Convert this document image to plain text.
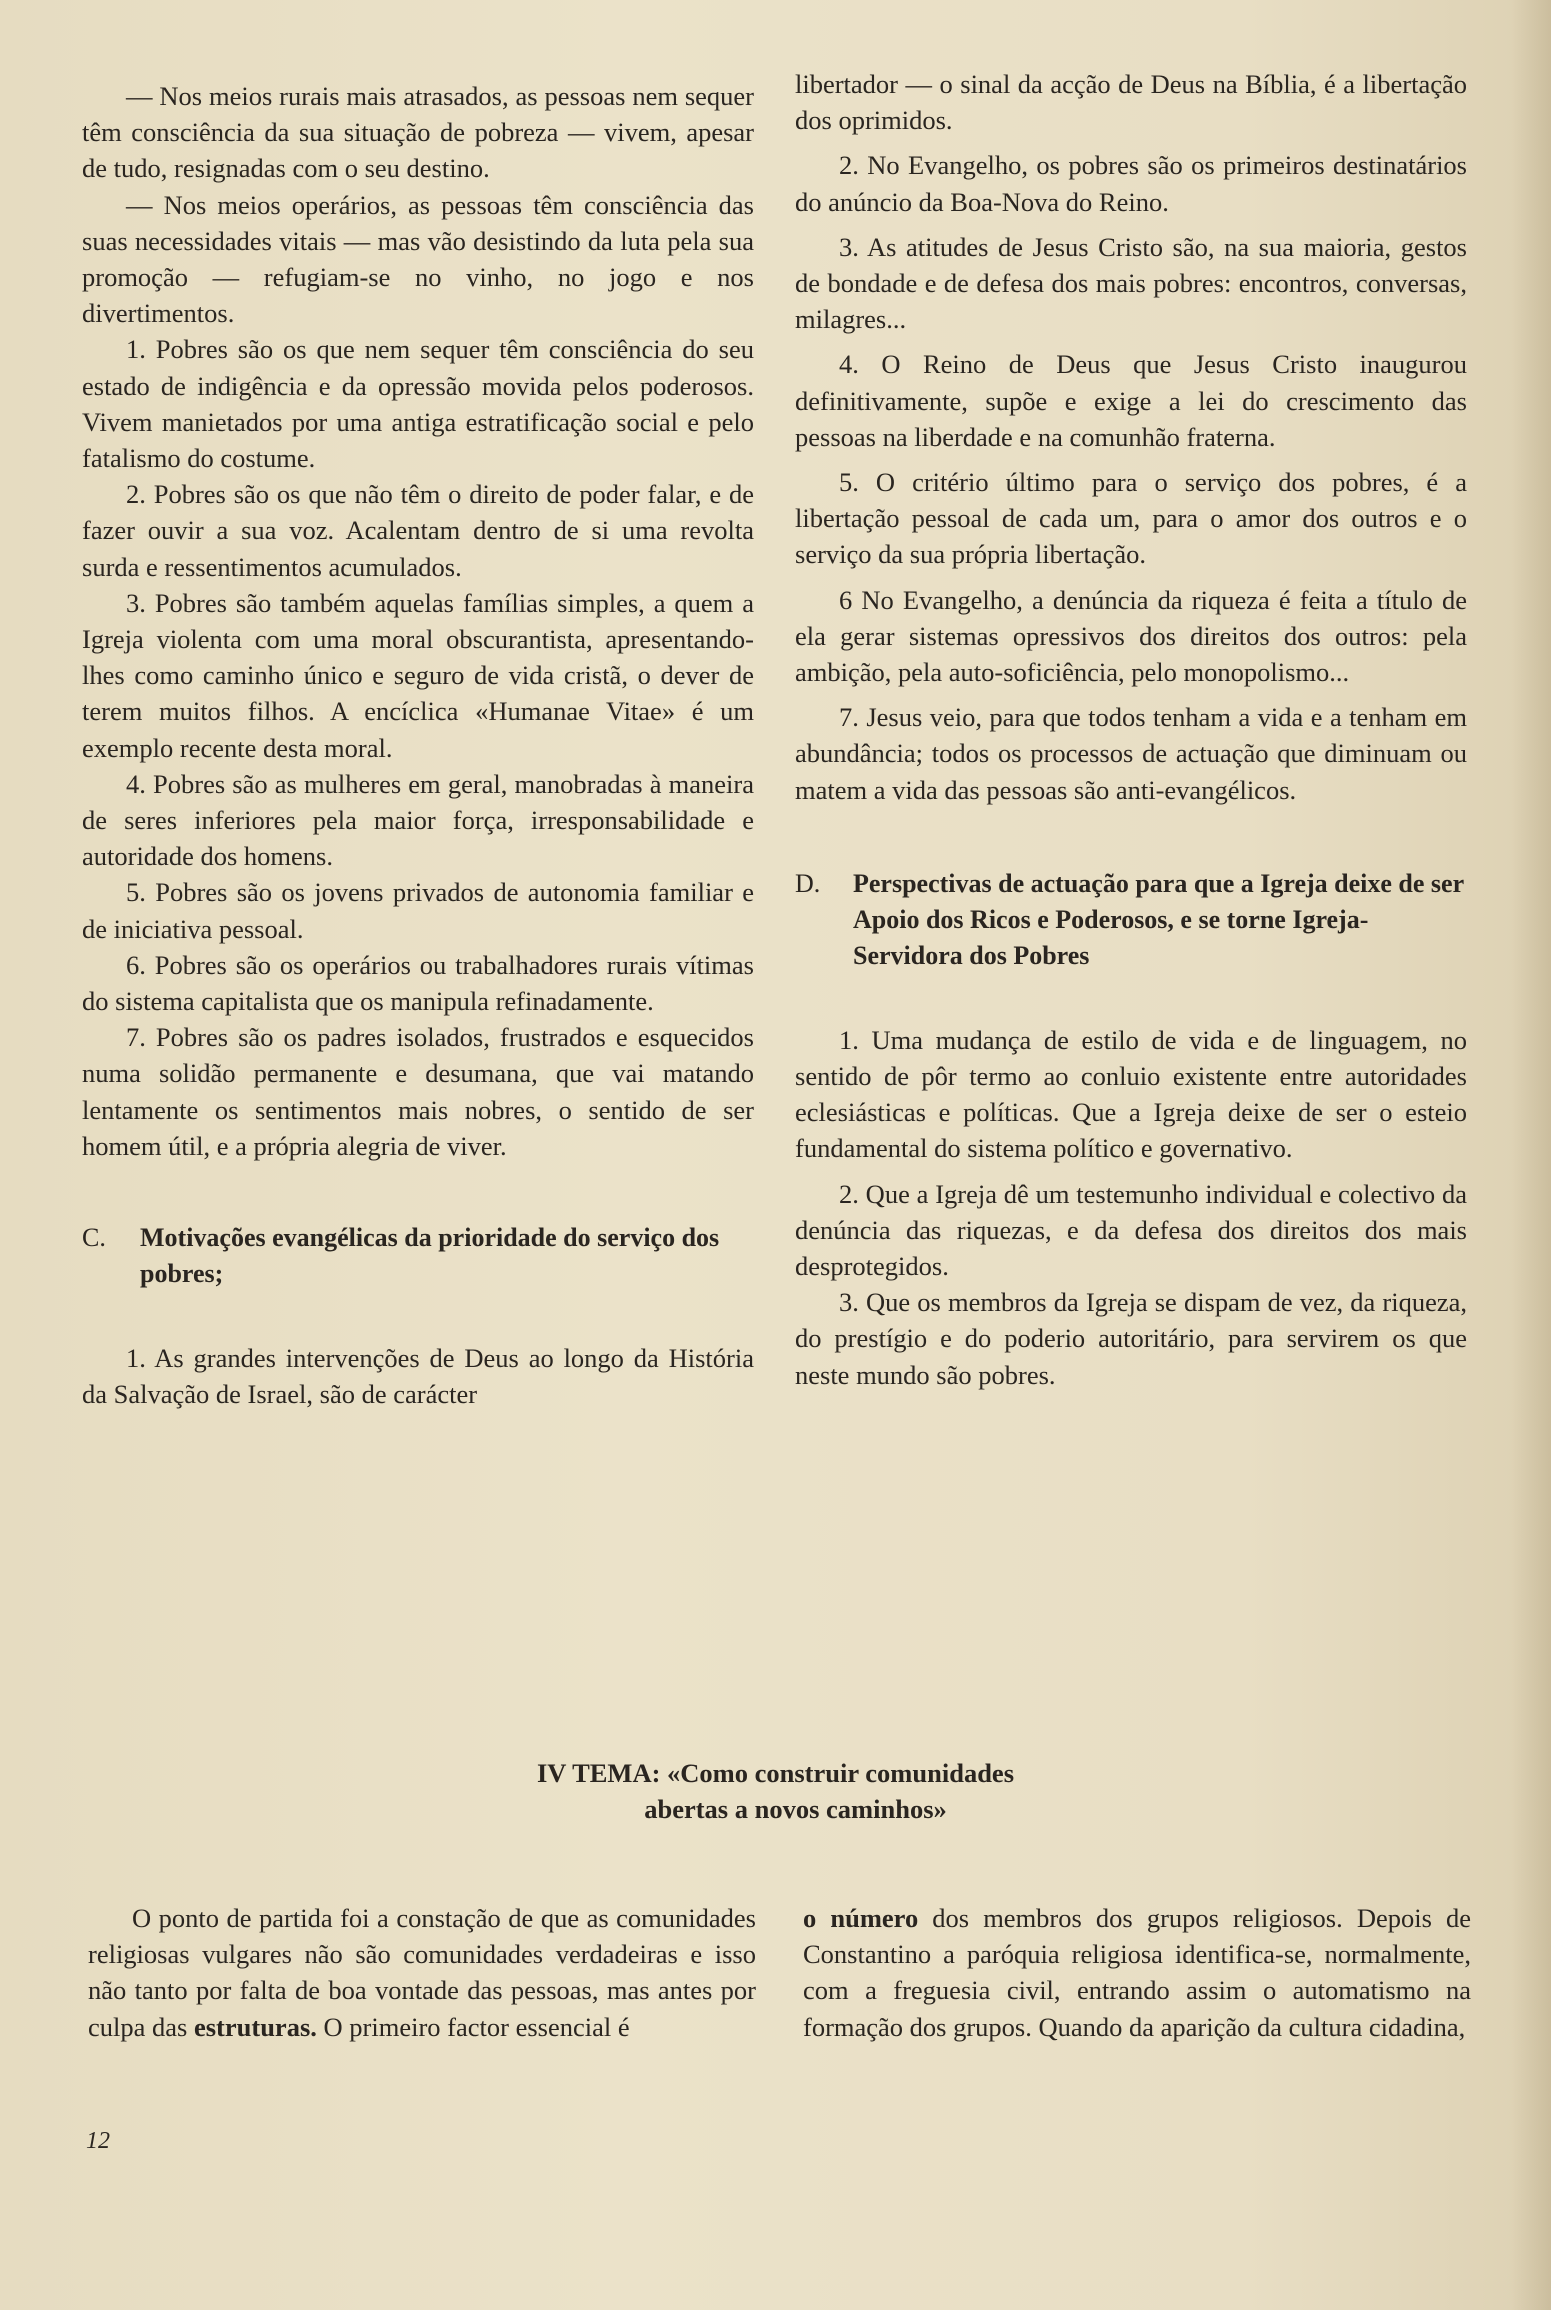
— Nos meios rurais mais atrasados, as pessoas nem sequer têm consciência da sua situação de pobreza — vivem, apesar de tudo, resignadas com o seu destino.

— Nos meios operários, as pessoas têm consciência das suas necessidades vitais — mas vão desistindo da luta pela sua promoção — refugiam-se no vinho, no jogo e nos divertimentos.

1. Pobres são os que nem sequer têm consciência do seu estado de indigência e da opressão movida pelos poderosos. Vivem manietados por uma antiga estratificação social e pelo fatalismo do costume.

2. Pobres são os que não têm o direito de poder falar, e de fazer ouvir a sua voz. Acalentam dentro de si uma revolta surda e ressentimentos acumulados.

3. Pobres são também aquelas famílias simples, a quem a Igreja violenta com uma moral obscurantista, apresentando-lhes como caminho único e seguro de vida cristã, o dever de terem muitos filhos. A encíclica «Humanae Vitae» é um exemplo recente desta moral.

4. Pobres são as mulheres em geral, manobradas à maneira de seres inferiores pela maior força, irresponsabilidade e autoridade dos homens.

5. Pobres são os jovens privados de autonomia familiar e de iniciativa pessoal.

6. Pobres são os operários ou trabalhadores rurais vítimas do sistema capitalista que os manipula refinadamente.

7. Pobres são os padres isolados, frustrados e esquecidos numa solidão permanente e desumana, que vai matando lentamente os sentimentos mais nobres, o sentido de ser homem útil, e a própria alegria de viver.

C.	Motivações evangélicas da prioridade do serviço dos pobres;

1. As grandes intervenções de Deus ao longo da História da Salvação de Israel, são de carácter

libertador — o sinal da acção de Deus na Bíblia, é a libertação dos oprimidos.

2. No Evangelho, os pobres são os primeiros destinatários do anúncio da Boa-Nova do Reino.

3. As atitudes de Jesus Cristo são, na sua maioria, gestos de bondade e de defesa dos mais pobres: encontros, conversas, milagres...

4. O Reino de Deus que Jesus Cristo inaugurou definitivamente, supõe e exige a lei do crescimento das pessoas na liberdade e na comunhão fraterna.

5. O critério último para o serviço dos pobres, é a libertação pessoal de cada um, para o amor dos outros e o serviço da sua própria libertação.

6 No Evangelho, a denúncia da riqueza é feita a título de ela gerar sistemas opressivos dos direitos dos outros: pela ambição, pela auto-soficiência, pelo monopolismo...

7. Jesus veio, para que todos tenham a vida e a tenham em abundância; todos os processos de actuação que diminuam ou matem a vida das pessoas são anti-evangélicos.

D.	Perspectivas de actuação para que a Igreja deixe de ser Apoio dos Ricos e Poderosos, e se torne Igreja-Servidora dos Pobres

1. Uma mudança de estilo de vida e de linguagem, no sentido de pôr termo ao conluio existente entre autoridades eclesiásticas e políticas. Que a Igreja deixe de ser o esteio fundamental do sistema político e governativo.

2. Que a Igreja dê um testemunho individual e colectivo da denúncia das riquezas, e da defesa dos direitos dos mais desprotegidos.

3. Que os membros da Igreja se dispam de vez, da riqueza, do prestígio e do poderio autoritário, para servirem os que neste mundo são pobres.

IV TEMA: «Como construir comunidades
abertas a novos caminhos»

O ponto de partida foi a constação de que as comunidades religiosas vulgares não são comunidades verdadeiras e isso não tanto por falta de boa vontade das pessoas, mas antes por culpa das estruturas. O primeiro factor essencial é

o número dos membros dos grupos religiosos. Depois de Constantino a paróquia religiosa identifica-se, normalmente, com a freguesia civil, entrando assim o automatismo na formação dos grupos. Quando da aparição da cultura cidadina,

12
